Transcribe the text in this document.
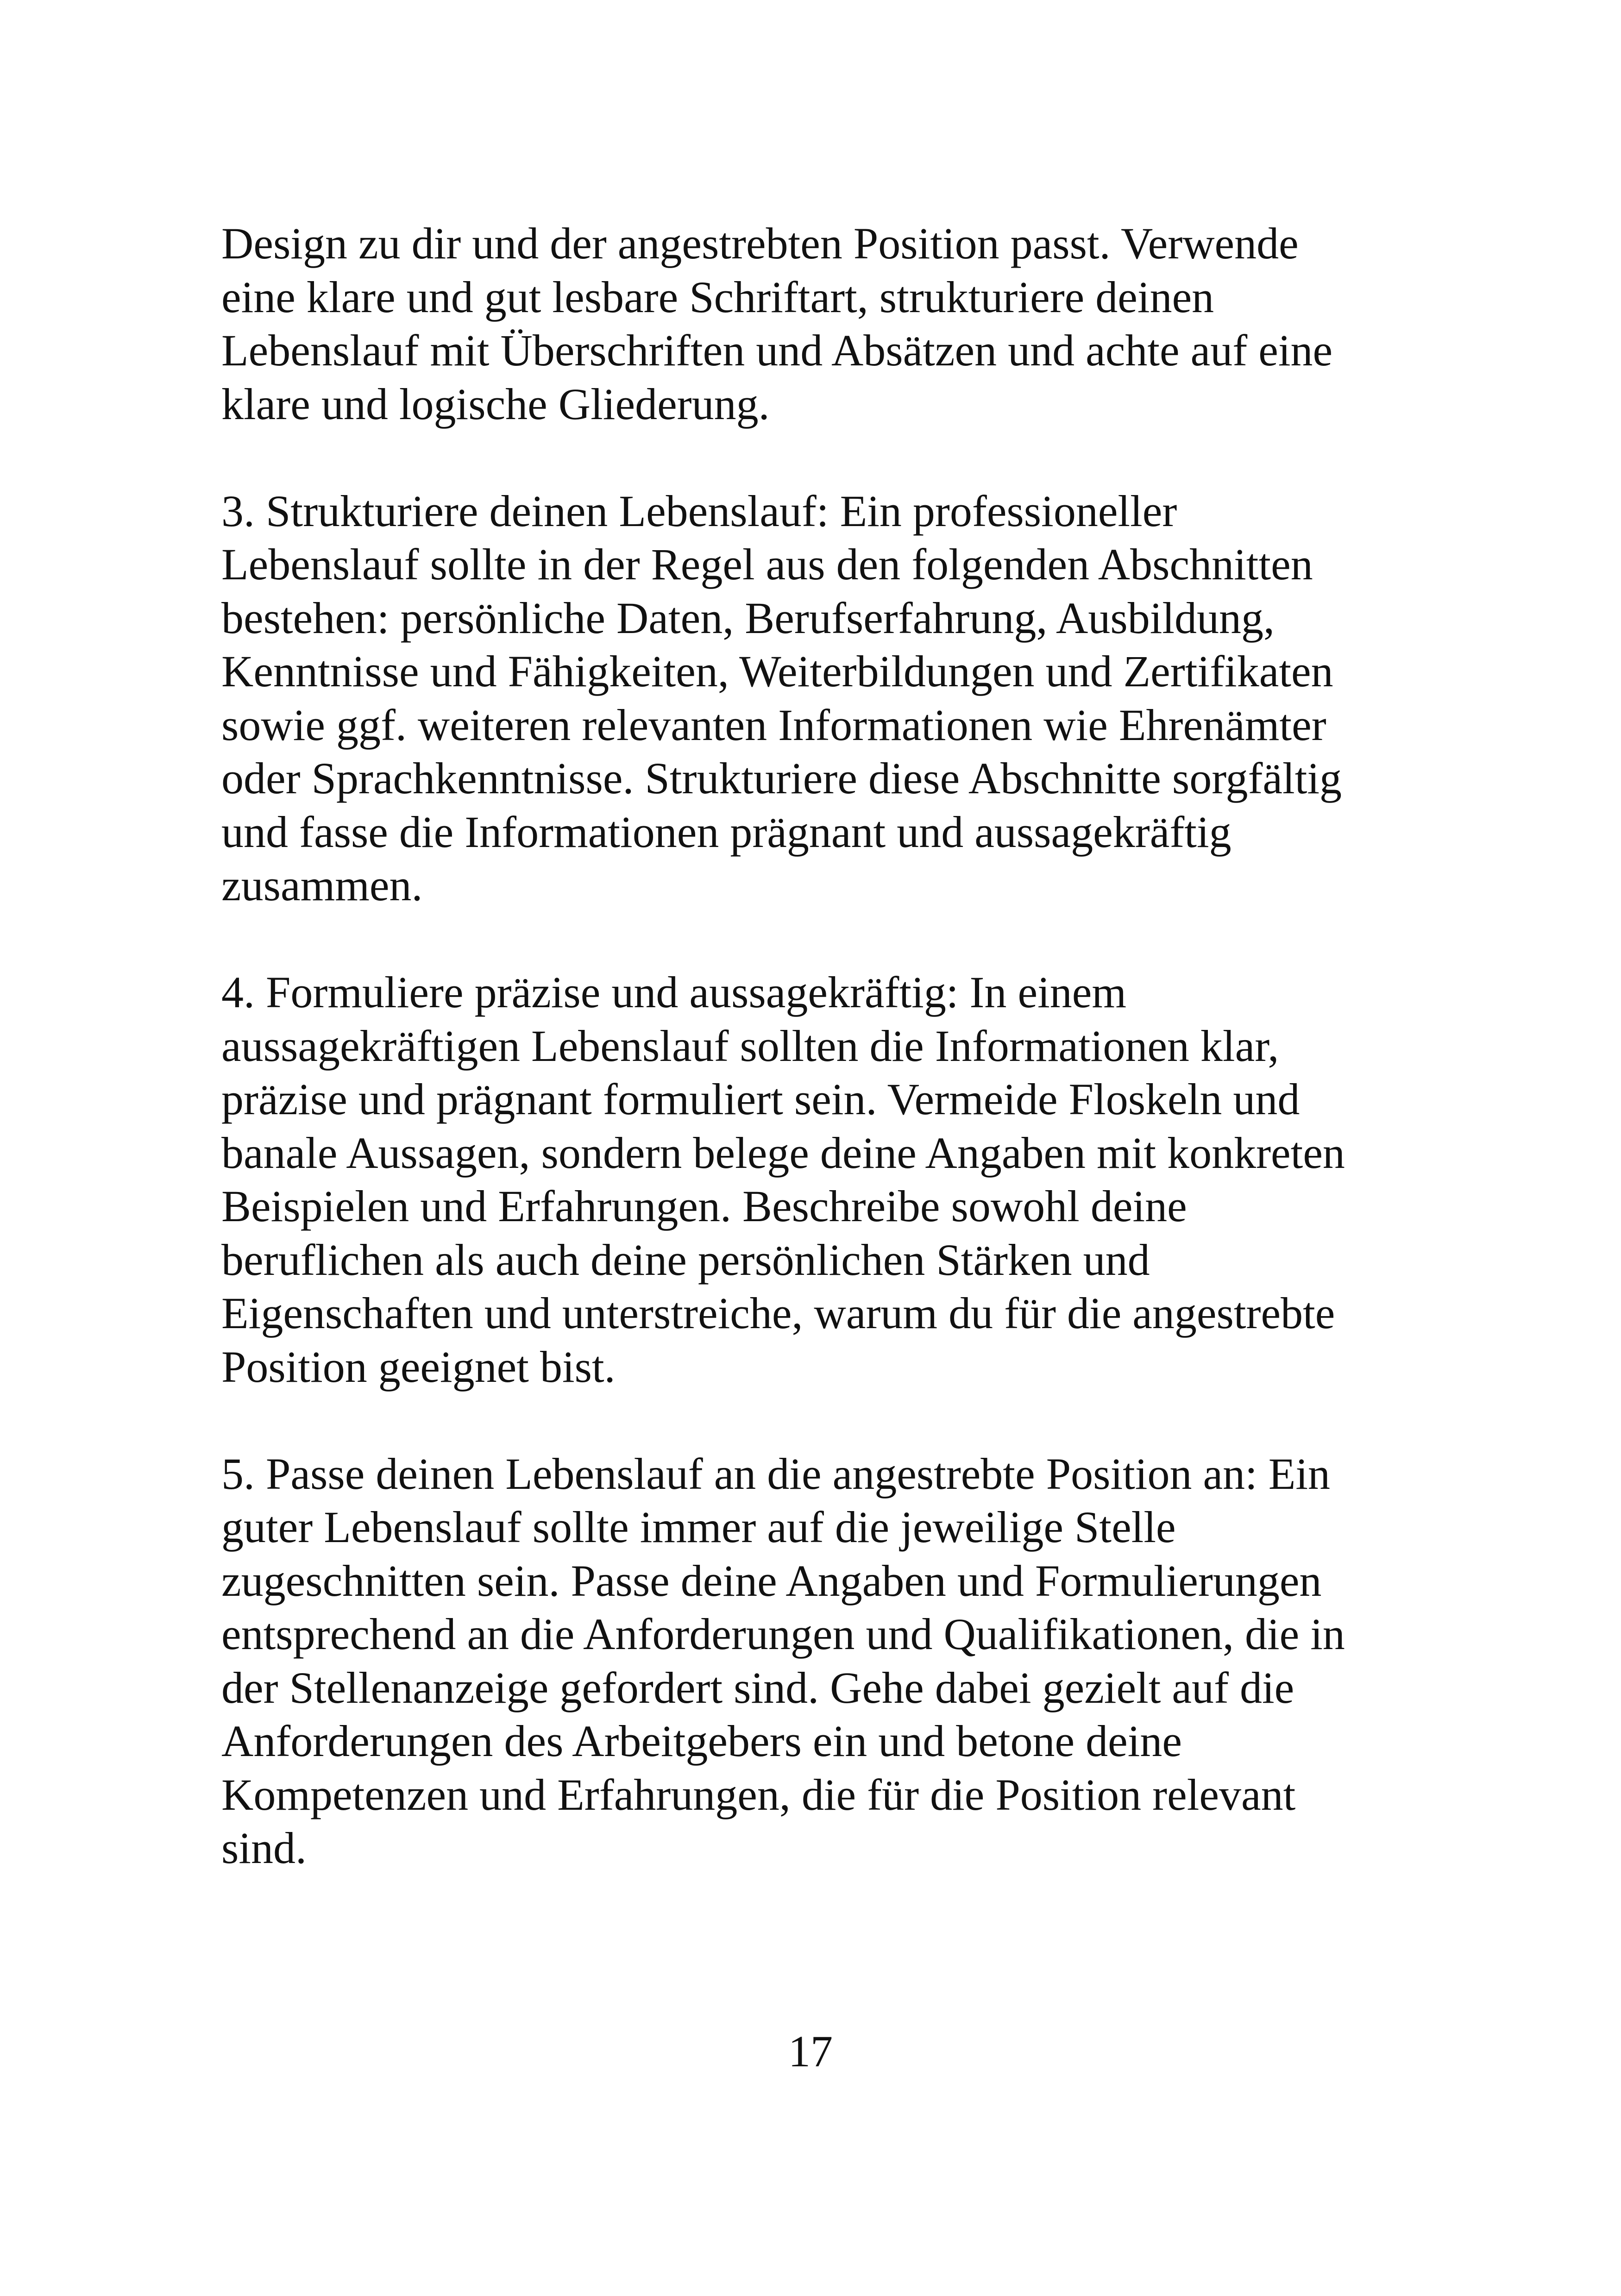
Design zu dir und der angestrebten Position passt. Verwende
eine klare und gut lesbare Schriftart, strukturiere deinen
Lebenslauf mit Überschriften und Absätzen und achte auf eine
klare und logische Gliederung.
3. Strukturiere deinen Lebenslauf: Ein professioneller
Lebenslauf sollte in der Regel aus den folgenden Abschnitten
bestehen: persönliche Daten, Berufserfahrung, Ausbildung,
Kenntnisse und Fähigkeiten, Weiterbildungen und Zertifikaten
sowie ggf. weiteren relevanten Informationen wie Ehrenämter
oder Sprachkenntnisse. Strukturiere diese Abschnitte sorgfältig
und fasse die Informationen prägnant und aussagekräftig
zusammen.
4. Formuliere präzise und aussagekräftig: In einem
aussagekräftigen Lebenslauf sollten die Informationen klar,
präzise und prägnant formuliert sein. Vermeide Floskeln und
banale Aussagen, sondern belege deine Angaben mit konkreten
Beispielen und Erfahrungen. Beschreibe sowohl deine
beruflichen als auch deine persönlichen Stärken und
Eigenschaften und unterstreiche, warum du für die angestrebte
Position geeignet bist.
5. Passe deinen Lebenslauf an die angestrebte Position an: Ein
guter Lebenslauf sollte immer auf die jeweilige Stelle
zugeschnitten sein. Passe deine Angaben und Formulierungen
entsprechend an die Anforderungen und Qualifikationen, die in
der Stellenanzeige gefordert sind. Gehe dabei gezielt auf die
Anforderungen des Arbeitgebers ein und betone deine
Kompetenzen und Erfahrungen, die für die Position relevant
sind.
17
